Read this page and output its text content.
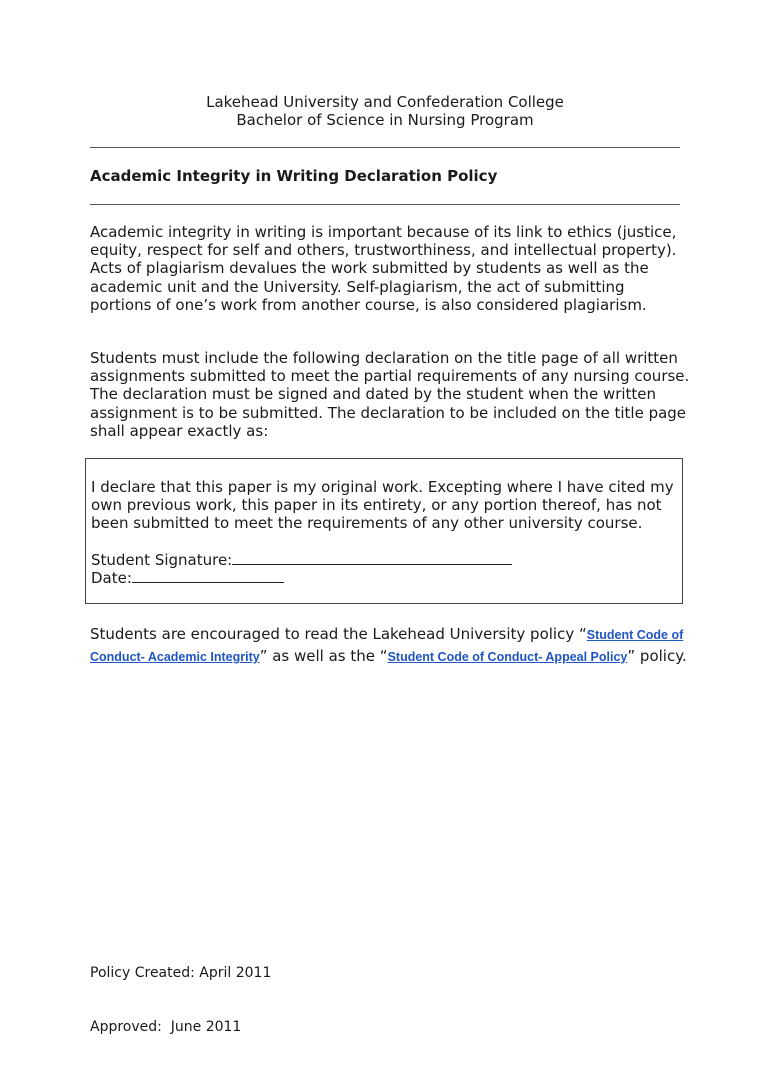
Lakehead University and Confederation College
Bachelor of Science in Nursing Program
Academic Integrity in Writing Declaration Policy

Academic integrity in writing is important because of its link to ethics (justice, equity, respect for self and others, trustworthiness, and intellectual property). Acts of plagiarism devalues the work submitted by students as well as the academic unit and the University. Self-plagiarism, the act of submitting portions of one’s work from another course, is also considered plagiarism.

Students must include the following declaration on the title page of all written assignments submitted to meet the partial requirements of any nursing course. The declaration must be signed and dated by the student when the written assignment is to be submitted. The declaration to be included on the title page shall appear exactly as:

I declare that this paper is my original work. Excepting where I have cited my own previous work, this paper in its entirety, or any portion thereof, has not been submitted to meet the requirements of any other university course.

Student Signature:
Date:

Students are encouraged to read the Lakehead University policy “Student Code of Conduct- Academic Integrity” as well as the “Student Code of Conduct- Appeal Policy” policy.

Policy Created: April 2011

Approved:  June 2011
